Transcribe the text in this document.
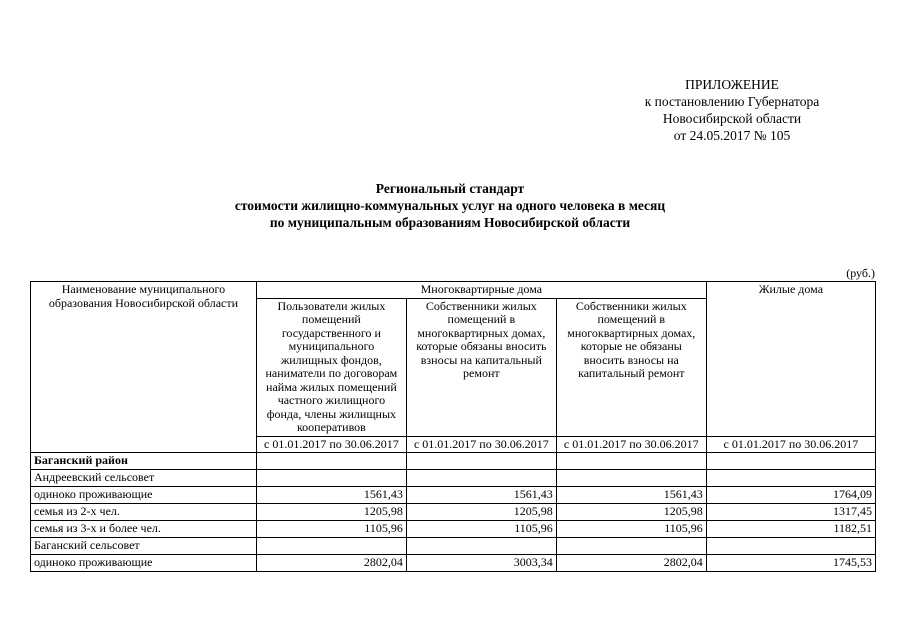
ПРИЛОЖЕНИЕ
к постановлению Губернатора
Новосибирской области
от 24.05.2017 № 105
Региональный стандарт
стоимости жилищно-коммунальных услуг на одного человека в месяц
по муниципальным образованиям Новосибирской области
(руб.)
Наименование муниципального образования Новосибирской области	Многоквартирные дома			Жилые дома
	Пользователи жилых помещений государственного и муниципального жилищных фондов, наниматели по договорам найма жилых помещений частного жилищного фонда, члены жилищных кооперативов	Собственники жилых помещений в многоквартирных домах, которые обязаны вносить взносы на капитальный ремонт	Собственники жилых помещений в многоквартирных домах, которые не обязаны вносить взносы на капитальный ремонт	
	с 01.01.2017 по 30.06.2017	с 01.01.2017 по 30.06.2017	с 01.01.2017 по 30.06.2017	с 01.01.2017 по 30.06.2017
Баганский район				
Андреевский сельсовет				
одиноко проживающие	1561,43	1561,43	1561,43	1764,09
семья из 2-х чел.	1205,98	1205,98	1205,98	1317,45
семья из 3-х и более чел.	1105,96	1105,96	1105,96	1182,51
Баганский сельсовет				
одиноко проживающие	2802,04	3003,34	2802,04	1745,53
